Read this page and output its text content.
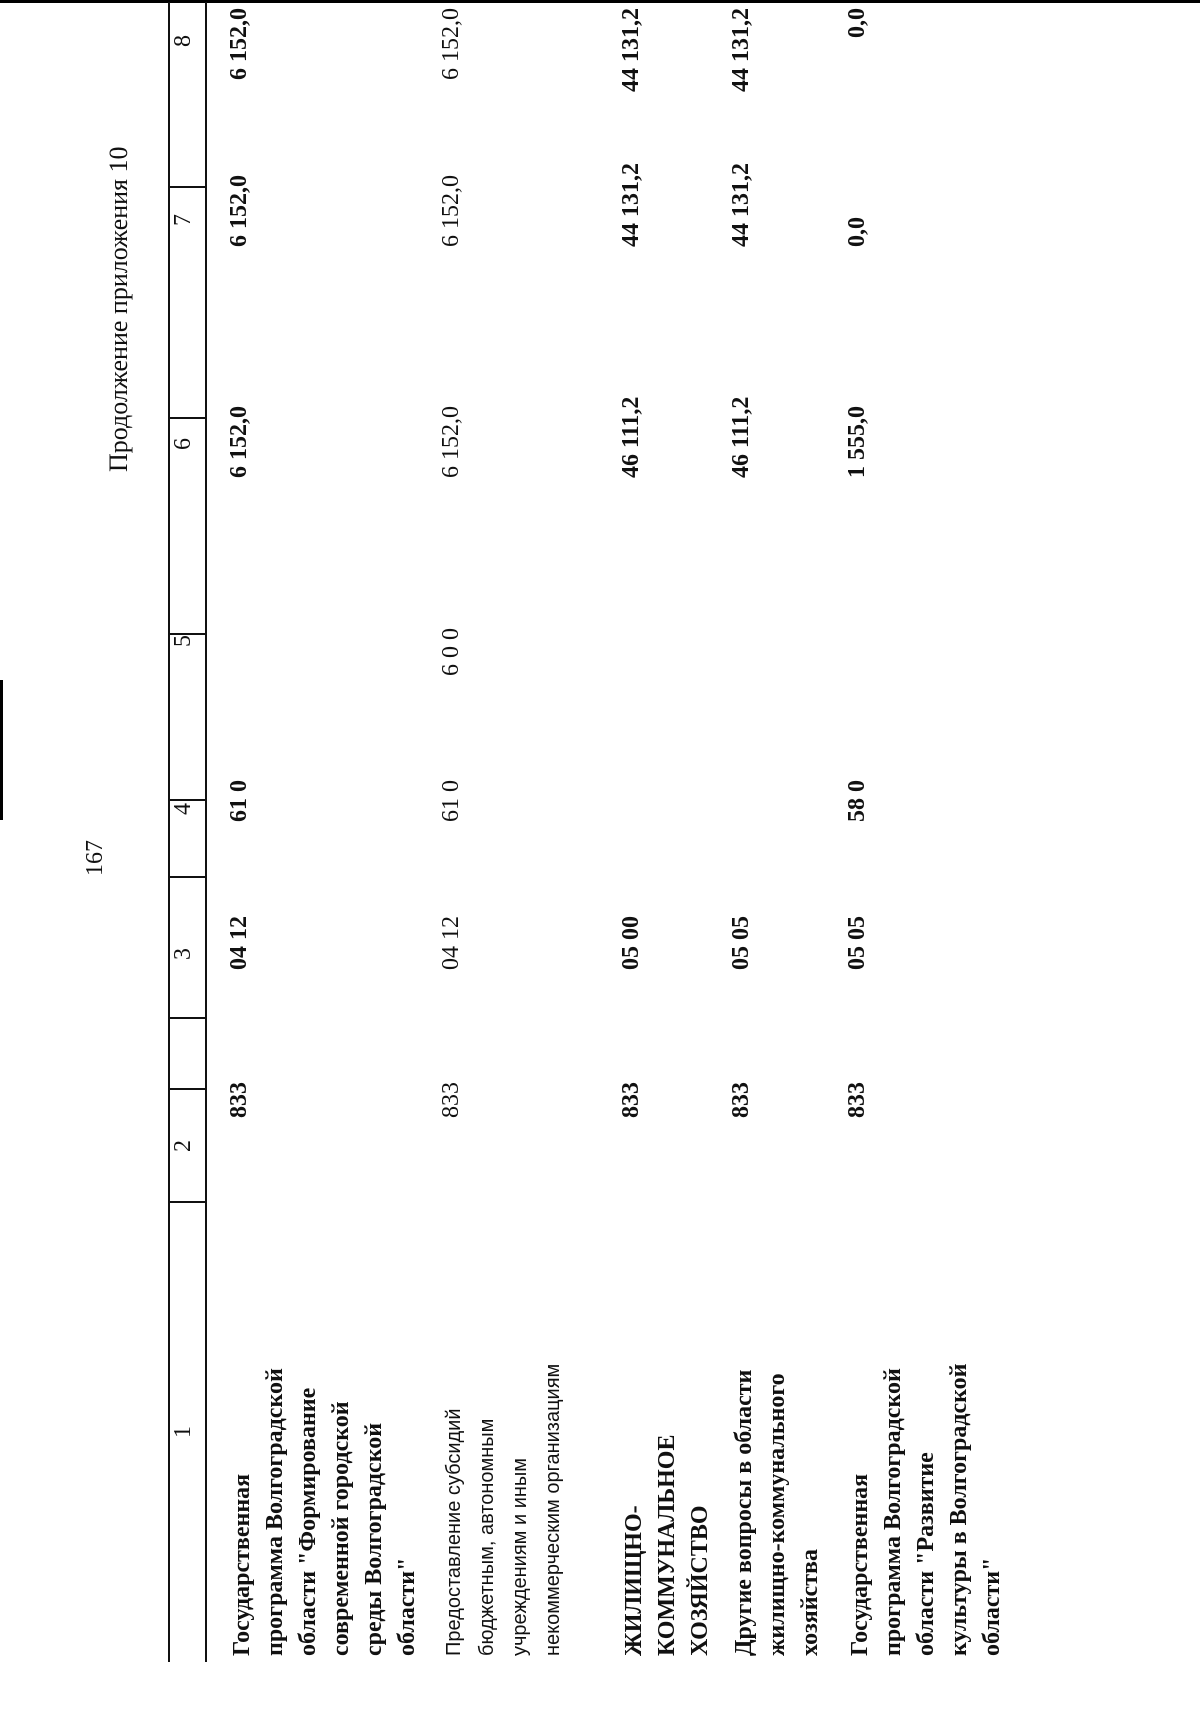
167
Продолжение приложения 10
1
2
3
4
5
6
7
8
Государственная программа Волгоградской области "Формирование современной городской среды Волгоградской области"
833
04 12
61 0
6 152,0
6 152,0
6 152,0
Предоставление субсидий бюджетным, автономным учреждениям и иным некоммерческим организациям
833
04 12
61 0
6 0 0
6 152,0
6 152,0
6 152,0
ЖИЛИЩНО-КОММУНАЛЬНОЕ ХОЗЯЙСТВО
833
05 00
46 111,2
44 131,2
44 131,2
Другие вопросы в области жилищно-коммунального хозяйства
833
05 05
46 111,2
44 131,2
44 131,2
Государственная программа Волгоградской области "Развитие культуры в Волгоградской области"
833
05 05
58 0
1 555,0
0,0
0,0
